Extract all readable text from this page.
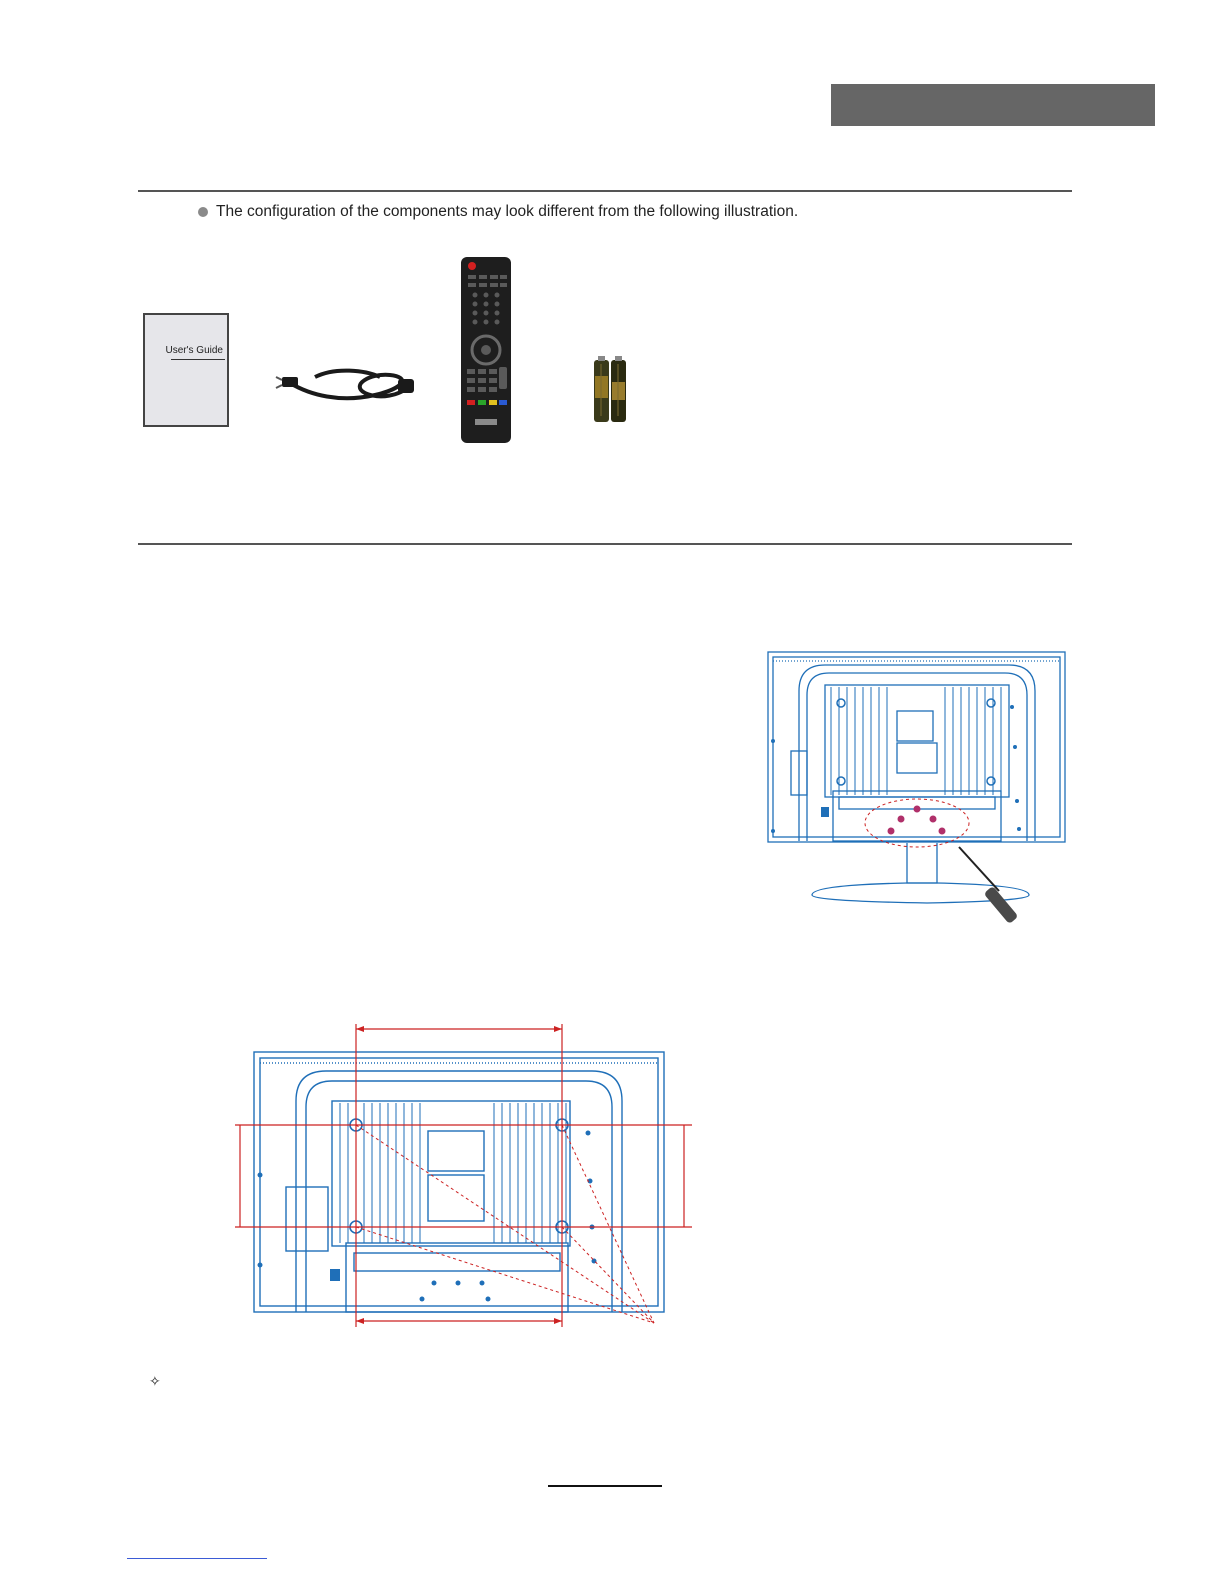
The configuration of the components may look different from the following illustration.
User's Guide
✧
